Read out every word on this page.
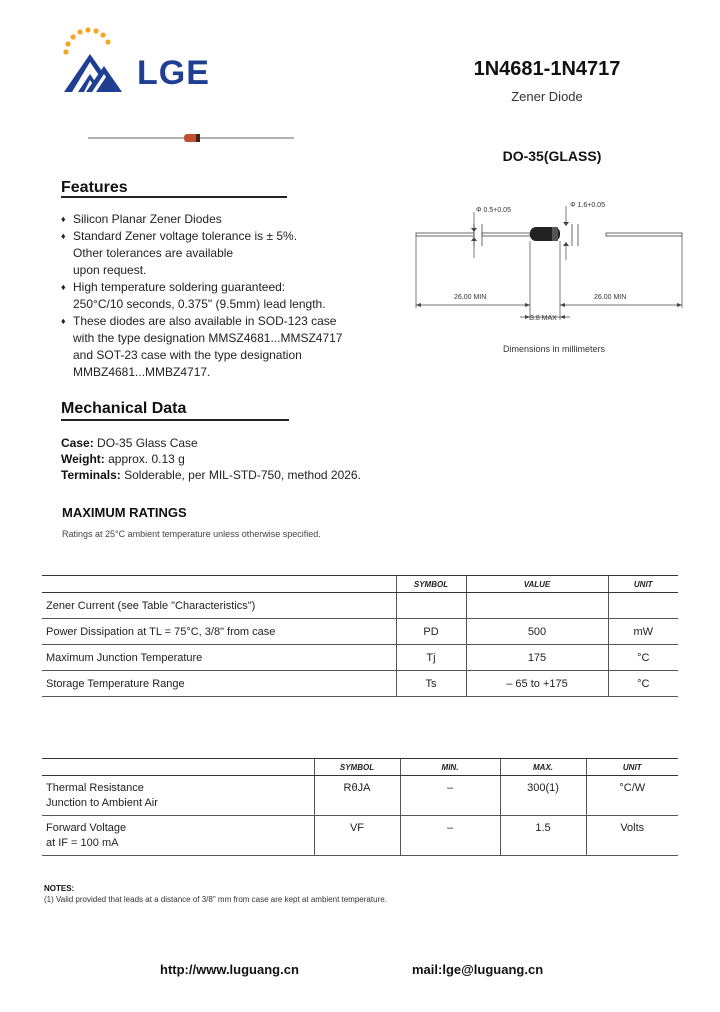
LGE	1N4681-1N4717
Zener Diode
DO-35(GLASS)
Φ 0.5+0.05
Φ 1.6+0.05
26.00 MIN	26.00 MIN
3.8 MAX
Dimensions in millimeters
Features
♦ Silicon Planar Zener Diodes
♦ Standard Zener voltage tolerance is ± 5%.
Other tolerances are available
upon request.
♦ High temperature soldering guaranteed:
250°C/10 seconds, 0.375" (9.5mm) lead length.
♦ These diodes are also available in SOD-123 case
with the type designation MMSZ4681...MMSZ4717
and SOT-23 case with the type designation
MMBZ4681...MMBZ4717.
Mechanical Data
Case: DO-35 Glass Case
Weight: approx. 0.13 g
Terminals: Solderable, per MIL-STD-750, method 2026.
MAXIMUM RATINGS
Ratings at 25°C ambient temperature unless otherwise specified.
	SYMBOL	VALUE	UNIT
Zener Current (see Table "Characteristics")			
Power Dissipation at TL = 75°C, 3/8" from case	PD	500	mW
Maximum Junction Temperature	Tj	175	°C
Storage Temperature Range	Ts	– 65 to +175	°C
	SYMBOL	MIN.	MAX.	UNIT

Thermal Resistance
Junction to Ambient Air	RθJA	–	300(1)	°C/W

Forward Voltage
at IF = 100 mA	VF	–	1.5	Volts
NOTES:
(1) Valid provided that leads at a distance of 3/8" mm from case are kept at ambient temperature.
http://www.luguang.cn	mail:lge@luguang.cn
